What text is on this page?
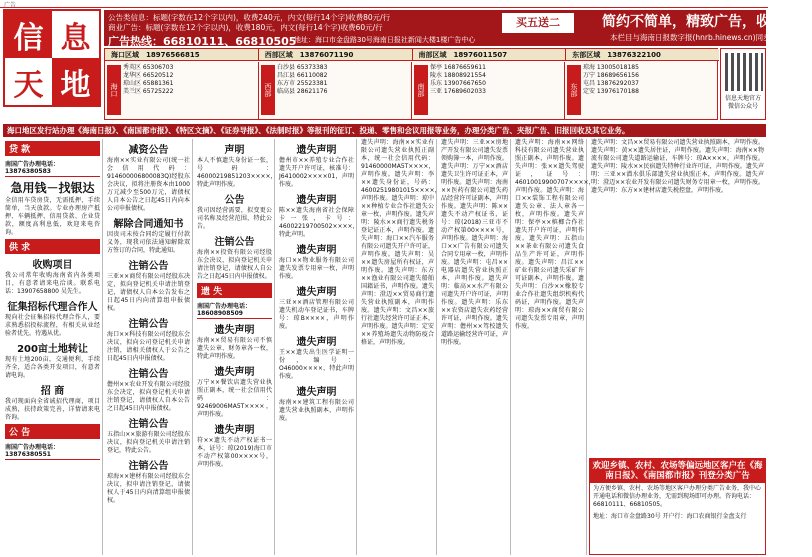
广告
信 息
天 地
公告类信息：标题(字数在12个字以内)，收费240元，内文(每行14个字)收费80元/行
商业广告：标题(字数在12个字以内)，收费180元，内文(每行14个字)收费60元/行
广告热线：66810111、66810505
地址：海口市金盘路30号海南日报社新闻大楼1楼广告中心
买五送二	简约不简单，精致广告，收益无限
本栏目与海南日报数字报(hnrb.hinews.cn)同步刊发
海口区域　 18976566815	西部区域　 13876071190	南部区域　 18976011507	东部区域　 13876322100
海口
秀英区 65306703
龙华区 66520512
琼山区 65881361
美兰区 65725222	西部
白沙县 65373383
昌江县 66110082
东方市 25523381
临高县 28621176	南部
保亭 16876659611
陵水 18808921554
乐东 13907667650
三亚 17689602033	东部
琼海 13005018185
万宁 18689656156
屯昌 13876292037
定安 13976170188
信息天地官方微信公众号
海口地区发行站办理《海南日报》、《南国都市报》、《特区文摘》、《证券导报》、《法制时报》等报刊的征订、投递、零售和会议用报等业务，办理分类广告、夹报广告、旧报回收及其它业务。
贷 款
南国广告办理电话：13876380583
急用钱－找银达

全信用车贷房贷，无需抵押，手续简单，当天放款。专业办理房产抵押、车辆抵押、信用贷款、企业贷款，额度高利息低，欢迎来电咨询。

供 求
收购项目

我公司常年收购海南省内各类项目，有意者请来电洽谈。联系电话：13907658800 吴先生。

征集招标代理合作人

现向社会征集招标代理合作人，要求熟悉招投标流程，有相关从业经验者优先，待遇从优。

200亩土地转让

现有土地200亩，交通便利，手续齐全，适合各类开发项目，有意者请电询。

招 商

我司现面向全省诚招代理商，项目成熟，扶持政策完善，详情请来电咨询。

公 告
南国广告办理电话：13876380551
减资公告

海南××实业有限公司(统一社会信用代码：914600006800083Q)经股东会决议，拟将注册资本由1000万元减少至500万元，请债权人自本公告之日起45日内向本公司申报债权。

解除合同通知书

因贵司未按合同约定履行付款义务，现我司依法通知解除双方签订的合同，特此通知。

注销公告

三亚××商贸有限公司经股东决定，拟向登记机关申请注销登记，请债权人自本公告发布之日起45日内向清算组申报债权。

注销公告

海口××科技有限公司经股东会决议，拟向公司登记机关申请注销，请相关债权人于公告之日起45日内申报债权。

注销公告

儋州××农业开发有限公司经股东会决定，拟向登记机关申请注销登记，请债权人自本公告之日起45日内申报债权。

注销公告

五指山××旅游有限公司经股东决议，拟向登记机关申请注销登记，特此公告。

注销公告

琼海××建材有限公司经股东会决议，拟申请注销登记，请债权人于45日内向清算组申报债权。

声明

本人不慎遗失身份证一张，号码：46000219851203××××，特此声明作废。

公告

我司因经营需要，拟变更公司名称及经营范围，特此公告。

注销公告

海南××投资有限公司经股东会决议，拟向登记机关申请注销登记，请债权人自公告之日起45日内申报债权。

遗 失
南国广告办理电话：18608908509
遗失声明

海南××贸易有限公司不慎遗失公章、财务章各一枚，特此声明作废。

遗失声明

万宁××餐饮店遗失营业执照正副本，统一社会信用代码：92469006MA5T××××，声明作废。

遗失声明

符××遗失不动产权证书一本，证号：琼(2019)海口市不动产权第00××××号，声明作废。

遗失声明

儋州市××养殖专业合作社遗失开户许可证，核准号：J6410002××××01，声明作废。

遗失声明

陈××遗失海南省社会保障卡一张，卡号：46002219700502××××，特此声明。

遗失声明

海口××物业服务有限公司遗失发票专用章一枚，声明作废。

遗失声明

三亚××酒店管理有限公司遗失机动车登记证书，车牌号：琼B××××，声明作废。

遗失声明

王××遗失出生医学证明一份，编号：O46000××××，特此声明作废。

遗失声明

海南××建筑工程有限公司遗失营业执照副本，声明作废。

遗失声明：海南××实业有限公司遗失营业执照正副本，统一社会信用代码：91460000MA5T××××，声明作废。遗失声明：李××遗失身份证，号码：46002519801015××××，声明作废。遗失声明：琼中××种植专业合作社遗失公章一枚，声明作废。遗失声明：陵水××商行遗失税务登记证正本，声明作废。遗失声明：海口××汽车服务有限公司遗失开户许可证，声明作废。遗失声明：吴××遗失房屋所有权证，声明作废。遗失声明：东方××渔业有限公司遗失船舶国籍证书，声明作废。遗失声明：澄迈××贸易商行遗失营业执照副本，声明作废。遗失声明：文昌××旅行社遗失经营许可证正本，声明作废。遗失声明：定安××养殖场遗失动物防疫合格证，声明作废。

遗失声明：三亚××房地产开发有限公司遗失发票领购簿一本，声明作废。遗失声明：万宁××酒店遗失卫生许可证正本，声明作废。遗失声明：海南××医药有限公司遗失药品经营许可证副本，声明作废。遗失声明：陈××遗失不动产权证书，证号：琼(2018)三亚市不动产权第00××××号，声明作废。遗失声明：海口××广告有限公司遗失合同专用章一枚，声明作废。遗失声明：屯昌××电器店遗失营业执照正本，声明作废。遗失声明：临高××水产有限公司遗失开户许可证，声明作废。遗失声明：乐东××农资店遗失农药经营许可证，声明作废。遗失声明：儋州××驾校遗失道路运输经营许可证，声明作废。

遗失声明：海南××网络科技有限公司遗失营业执照正副本，声明作废。遗失声明：张××遗失驾驶证，证号：46010019900707××××，声明作废。遗失声明：海口××装饰工程有限公司遗失公章、法人章各一枚，声明作废。遗失声明：保亭××槟榔合作社遗失开户许可证，声明作废。遗失声明：五指山××茶业有限公司遗失食品生产许可证，声明作废。遗失声明：昌江××矿业有限公司遗失采矿许可证副本，声明作废。遗失声明：白沙××橡胶专业合作社遗失组织机构代码证，声明作废。遗失声明：琼海××商贸有限公司遗失发票专用章，声明作废。

遗失声明：文昌××贸易有限公司遗失营业执照副本，声明作废。遗失声明：黄××遗失居住证，声明作废。遗失声明：海南××物流有限公司遗失道路运输证，车牌号：琼A××××，声明作废。遗失声明：陵水××民宿遗失特种行业许可证，声明作废。遗失声明：三亚××潜水俱乐部遗失营业执照正本，声明作废。遗失声明：澄迈××农业开发有限公司遗失财务专用章一枚，声明作废。遗失声明：东方××建材店遗失税控盘，声明作废。

欢迎乡镇、农村、农场等偏远地区客户在《海南日报》、《南国都市报》刊登分类广告
为方便乡镇、农村、农场等地区客户办理分类广告业务，我中心开通电话和微信办理业务，无需到现场即可办理。咨询电话：66810111、66810505。
地址：海口市金盘路30号 开户行：海口农商银行金盘支行
